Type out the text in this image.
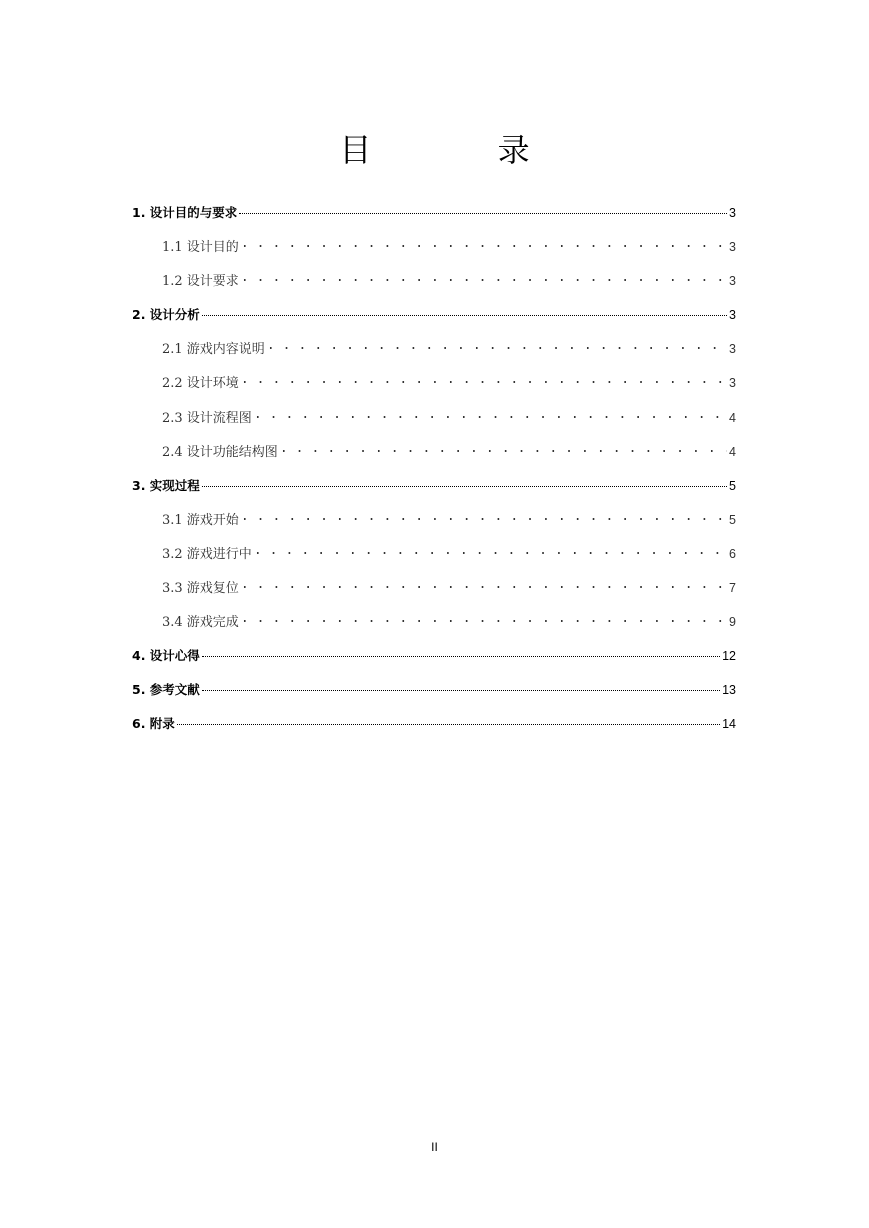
目 录
1. 设计目的与要求	3
1.1 设计目的 . . .	3
1.2 设计要求 . . .	3
2. 设计分析	3
2.1 游戏内容说明 . . .	3
2.2 设计环境 . . .	3
2.3 设计流程图 . . .	4
2.4 设计功能结构图 . . .	4
3. 实现过程	5
3.1 游戏开始 . . .	5
3.2 游戏进行中 . . .	6
3.3 游戏复位 . . .	7
3.4 游戏完成 . . .	9
4. 设计心得	12
5. 参考文献	13
6. 附录	14
II
